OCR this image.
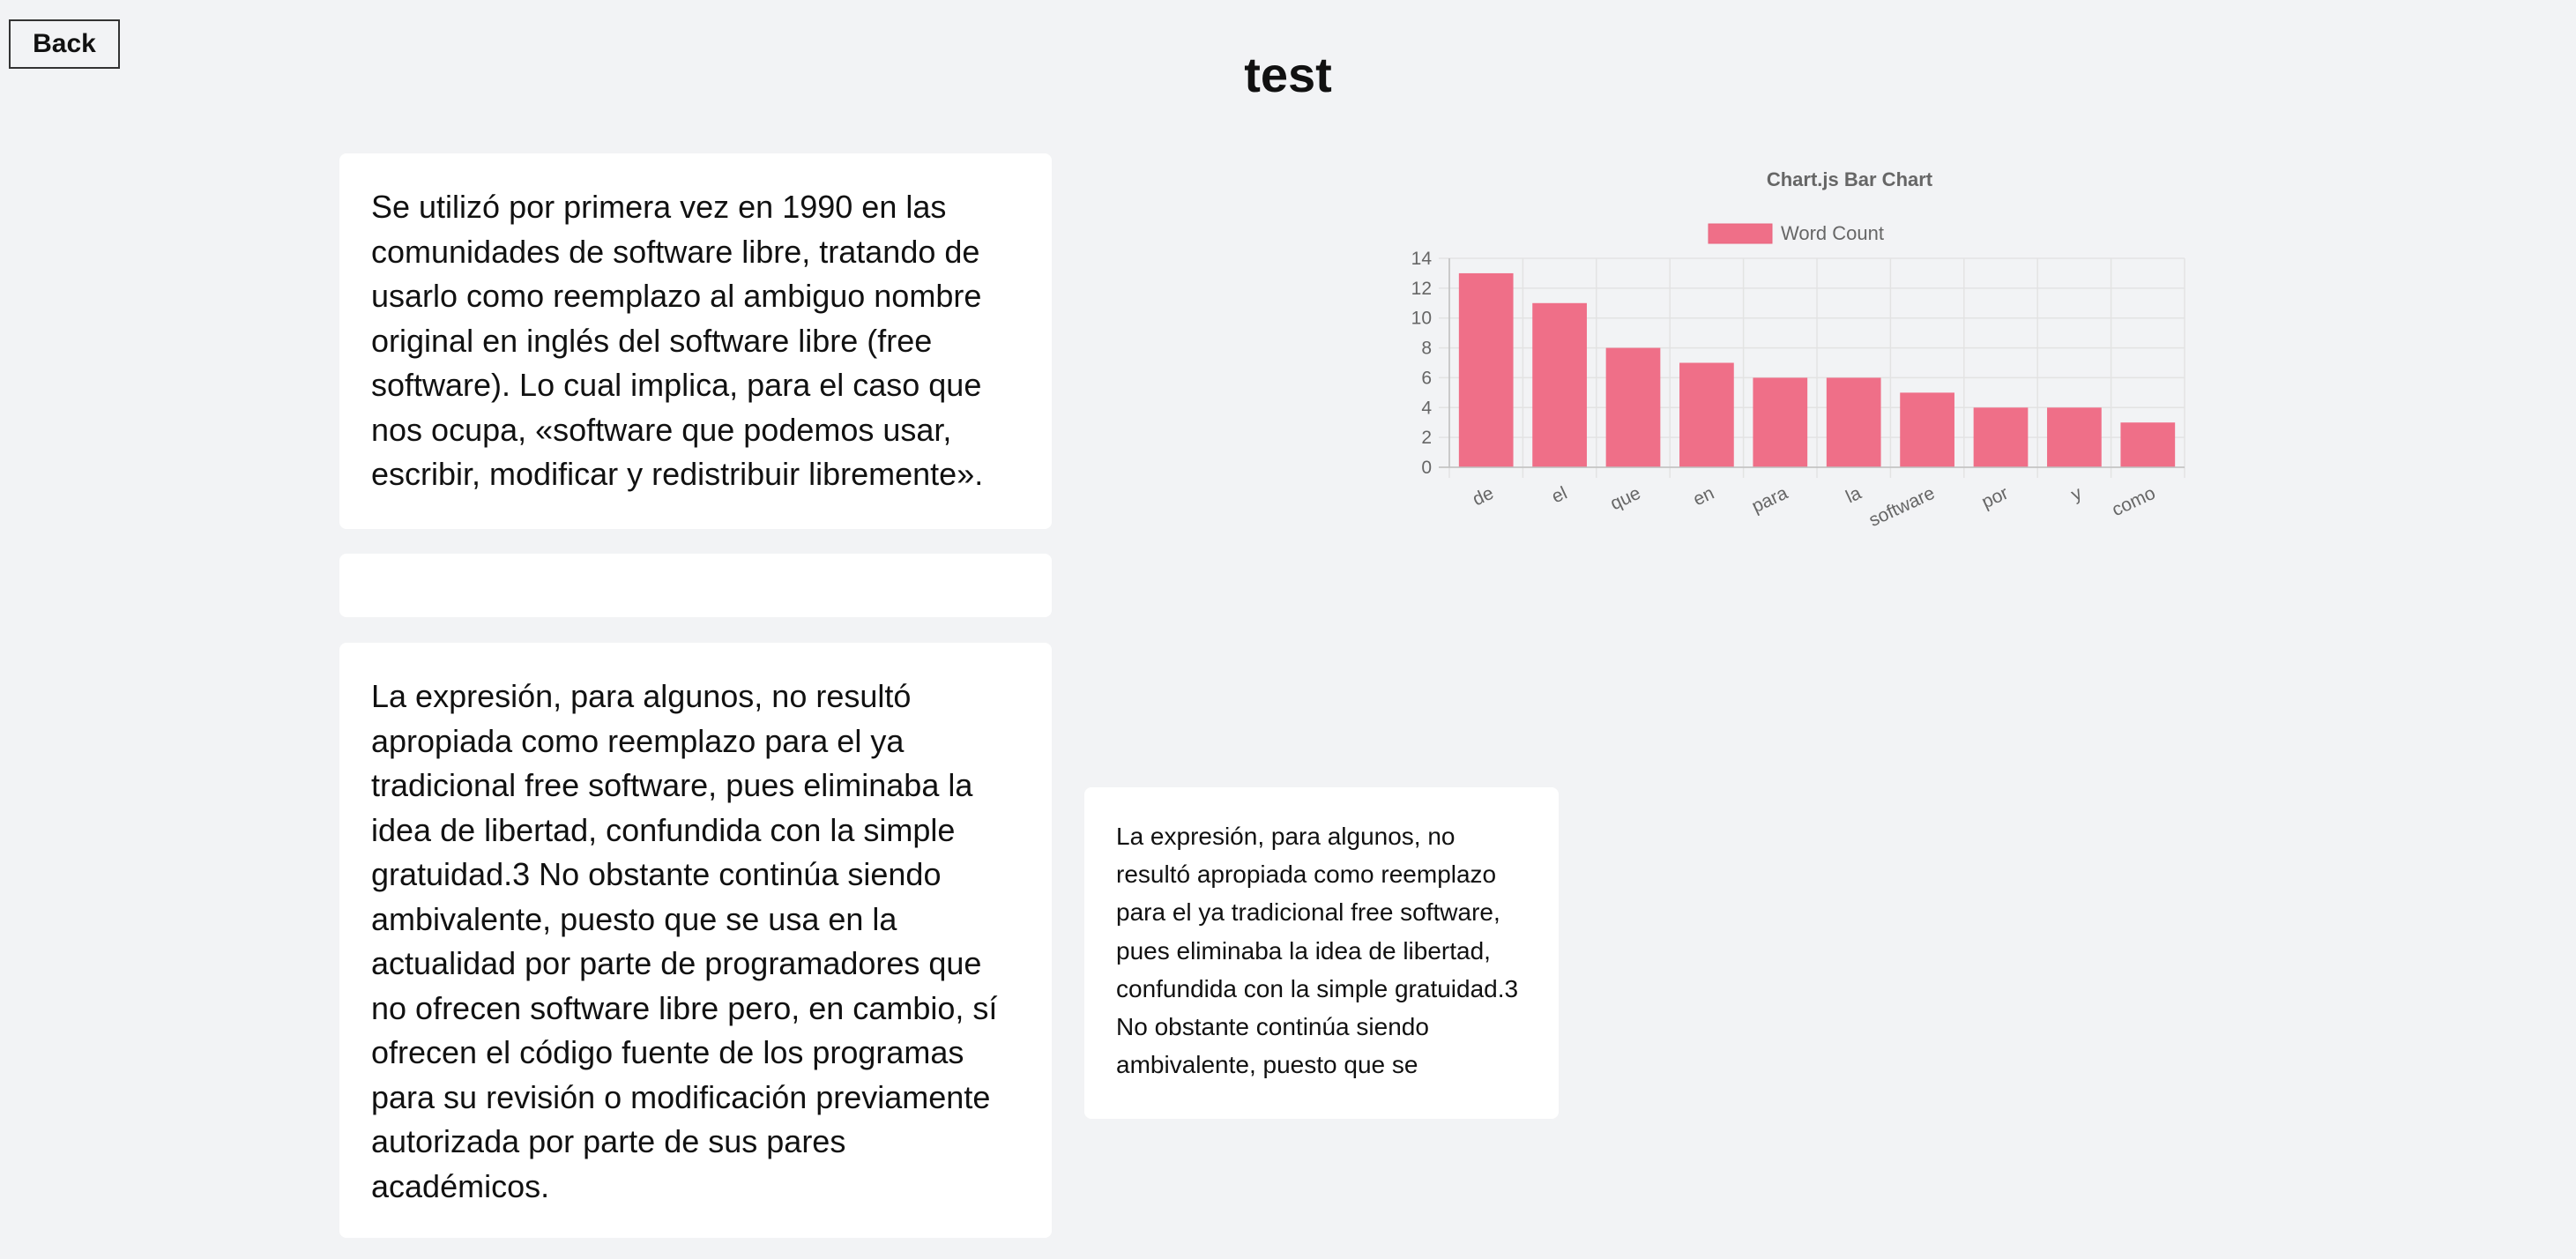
Back
test

Se utilizó por primera vez en 1990 en las comunidades de software libre, tratando de usarlo como reemplazo al ambiguo nombre original en inglés del software libre (free software). Lo cual implica, para el caso que nos ocupa, «software que podemos usar, escribir, modificar y redistribuir libremente».

La expresión, para algunos, no resultó apropiada como reemplazo para el ya tradicional free software, pues eliminaba la idea de libertad, confundida con la simple gratuidad.3 No obstante continúa siendo ambivalente, puesto que se usa en la actualidad por parte de programadores que no ofrecen software libre pero, en cambio, sí ofrecen el código fuente de los programas para su revisión o modificación previamente autorizada por parte de sus pares académicos.

La expresión, para algunos, no resultó apropiada como reemplazo para el ya tradicional free software, pues eliminaba la idea de libertad, confundida con la simple gratuidad.3 No obstante continúa siendo ambivalente, puesto que se

Chart.js Bar Chart
Word Count
0
2
4
6
8
10
12
14
de	el que	en para	la software por	y como
